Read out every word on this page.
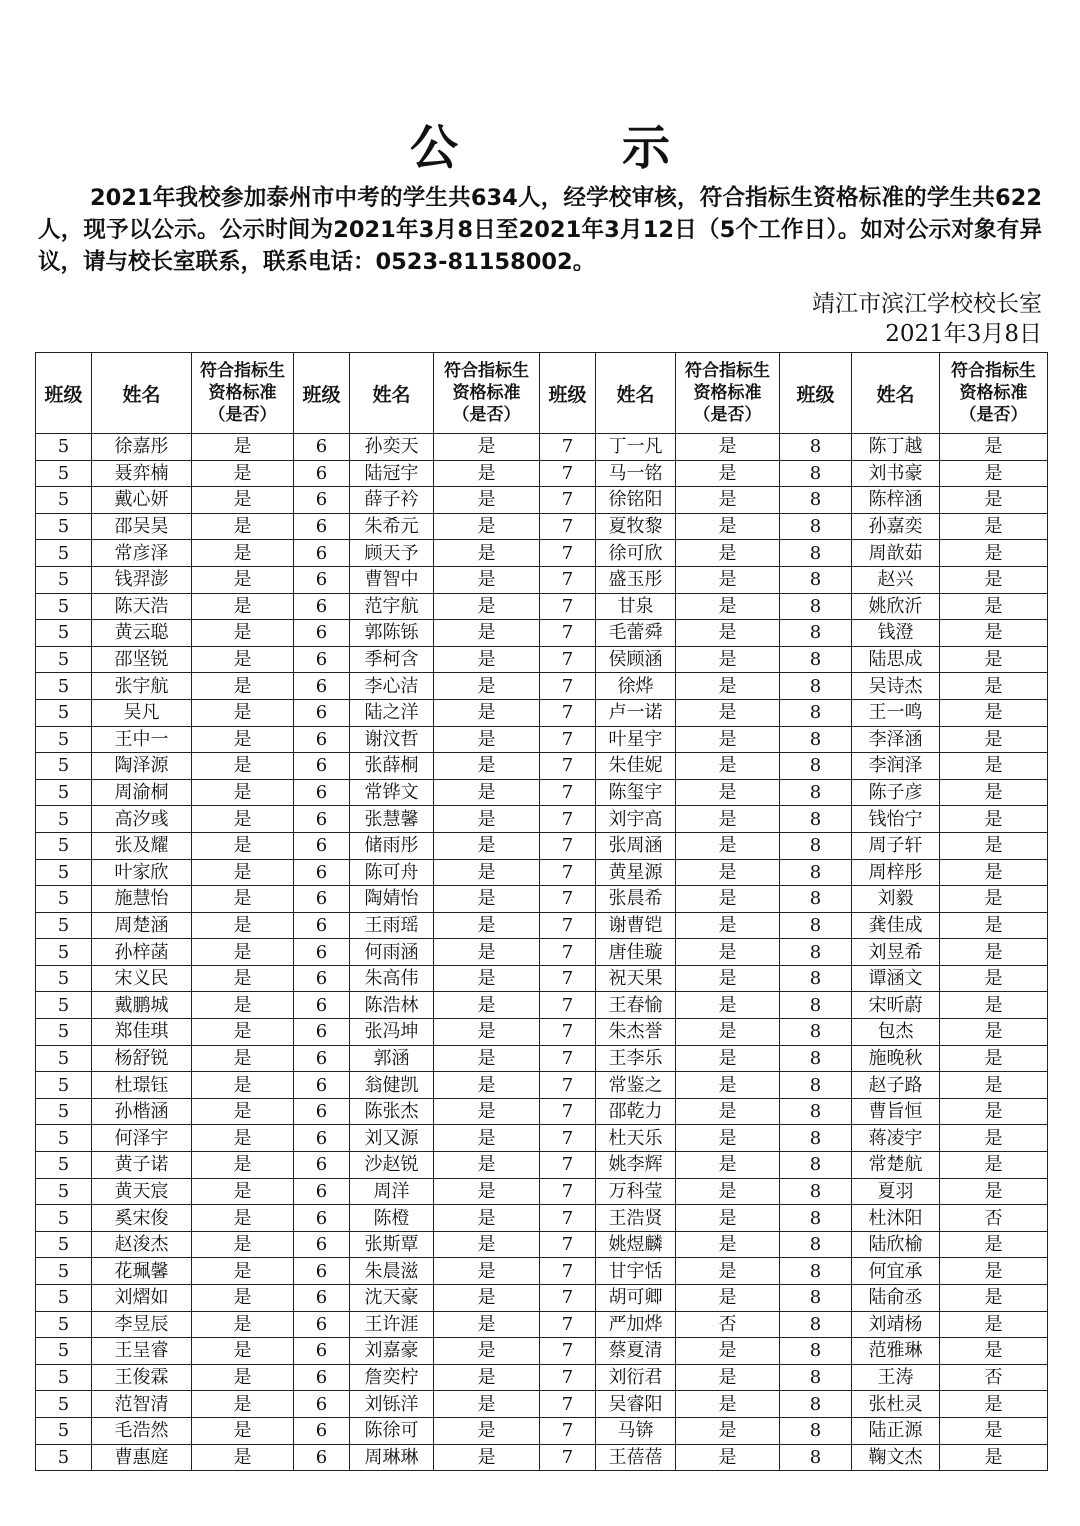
公　示
2021年我校参加泰州市中考的学生共634人，经学校审核，符合指标生资格标准的学生共622人，现予以公示。公示时间为2021年3月8日至2021年3月12日（5个工作日）。如对公示对象有异议，请与校长室联系，联系电话：0523-81158002。
靖江市滨江学校校长室
2021年3月8日
班级	姓名	符合指标生
资格标准
（是否）	班级	姓名	符合指标生
资格标准
（是否）	班级	姓名	符合指标生
资格标准
（是否）	班级	姓名	符合指标生
资格标准
（是否）
5	徐嘉彤	是	6	孙奕天	是	7	丁一凡	是	8	陈丁越	是
5	聂弈楠	是	6	陆冠宇	是	7	马一铭	是	8	刘书豪	是
5	戴心妍	是	6	薛子衿	是	7	徐铭阳	是	8	陈梓涵	是
5	邵吴昊	是	6	朱希元	是	7	夏牧黎	是	8	孙嘉奕	是
5	常彦泽	是	6	顾天予	是	7	徐可欣	是	8	周歆茹	是
5	钱羿澎	是	6	曹智中	是	7	盛玉彤	是	8	赵兴	是
5	陈天浩	是	6	范宇航	是	7	甘泉	是	8	姚欣沂	是
5	黄云聪	是	6	郭陈铄	是	7	毛蕾舜	是	8	钱澄	是
5	邵坚锐	是	6	季柯含	是	7	侯顾涵	是	8	陆思成	是
5	张宇航	是	6	李心洁	是	7	徐烨	是	8	吴诗杰	是
5	吴凡	是	6	陆之洋	是	7	卢一诺	是	8	王一鸣	是
5	王中一	是	6	谢汶哲	是	7	叶星宇	是	8	李泽涵	是
5	陶泽源	是	6	张薛桐	是	7	朱佳妮	是	8	李润泽	是
5	周渝桐	是	6	常铧文	是	7	陈玺宇	是	8	陈子彦	是
5	高汐彧	是	6	张慧馨	是	7	刘宇高	是	8	钱怡宁	是
5	张及耀	是	6	储雨彤	是	7	张周涵	是	8	周子轩	是
5	叶家欣	是	6	陈可舟	是	7	黄星源	是	8	周梓彤	是
5	施慧怡	是	6	陶婧怡	是	7	张晨希	是	8	刘毅	是
5	周楚涵	是	6	王雨瑶	是	7	谢曹铠	是	8	龚佳成	是
5	孙梓菡	是	6	何雨涵	是	7	唐佳璇	是	8	刘昱希	是
5	宋义民	是	6	朱高伟	是	7	祝天果	是	8	谭涵文	是
5	戴鹏城	是	6	陈浩林	是	7	王春愉	是	8	宋昕蔚	是
5	郑佳琪	是	6	张冯坤	是	7	朱杰誉	是	8	包杰	是
5	杨舒锐	是	6	郭涵	是	7	王李乐	是	8	施晚秋	是
5	杜璟钰	是	6	翁健凯	是	7	常鉴之	是	8	赵子路	是
5	孙楷涵	是	6	陈张杰	是	7	邵乾力	是	8	曹旨恒	是
5	何泽宇	是	6	刘又源	是	7	杜天乐	是	8	蒋凌宇	是
5	黄子诺	是	6	沙赵锐	是	7	姚李辉	是	8	常楚航	是
5	黄天宸	是	6	周洋	是	7	万科莹	是	8	夏羽	是
5	奚宋俊	是	6	陈橙	是	7	王浩贤	是	8	杜沐阳	否
5	赵浚杰	是	6	张斯覃	是	7	姚煜麟	是	8	陆欣榆	是
5	花珮馨	是	6	朱晨滋	是	7	甘宇恬	是	8	何宜承	是
5	刘熠如	是	6	沈天豪	是	7	胡可卿	是	8	陆俞丞	是
5	李昱辰	是	6	王许涯	是	7	严加烨	否	8	刘靖杨	是
5	王呈睿	是	6	刘嘉豪	是	7	蔡夏清	是	8	范雅琳	是
5	王俊霖	是	6	詹奕柠	是	7	刘衍君	是	8	王涛	否
5	范智清	是	6	刘铄洋	是	7	吴睿阳	是	8	张杜灵	是
5	毛浩然	是	6	陈徐可	是	7	马锛	是	8	陆正源	是
5	曹惠庭	是	6	周琳琳	是	7	王蓓蓓	是	8	鞠文杰	是
